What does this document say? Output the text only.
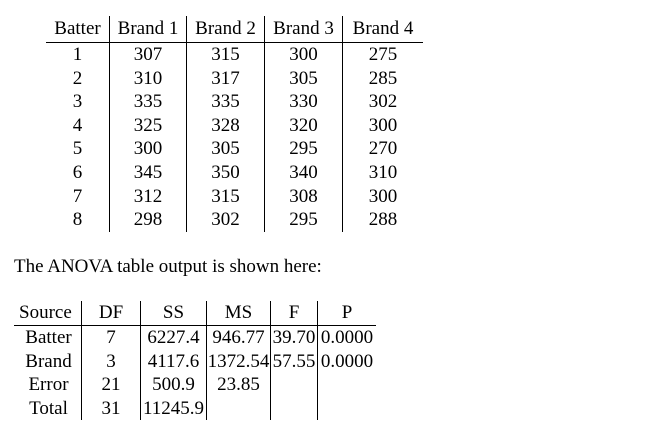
Batter	Brand 1	Brand 2	Brand 3	Brand 4
1	307	315	300	275
2	310	317	305	285
3	335	335	330	302
4	325	328	320	300
5	300	305	295	270
6	345	350	340	310
7	312	315	308	300
8	298	302	295	288
The ANOVA table output is shown here:
Source	DF	SS	MS	F	P
Batter	7	6227.4	946.77	39.70	0.0000
Brand	3	4117.6	1372.54	57.55	0.0000
Error	21	500.9	23.85		
Total	31	11245.9			
